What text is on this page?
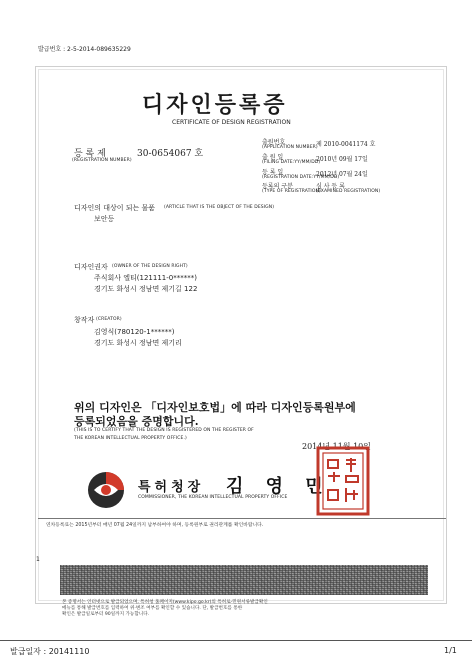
발급번호 : 2-5-2014-089635229
디자인등록증
CERTIFICATE OF DESIGN REGISTRATION
등 록 제	30-0654067 호
(REGISTRATION NUMBER)
출원번호
(APPLICATION NUMBER)
제 2010-0041174 호
출 원 일
(FILING DATE:YY/MM/DD)
2010년 09월 17일
등 록 일
(REGISTRATION DATE:YY/MM/DD)
2012년 07월 24일
등록의 구분
(TYPE OF REGISTRATION)
심 사 등 록
(EXAMINED REGISTRATION)
디자인의 대상이 되는 물품 (ARTICLE THAT IS THE OBJECT OF THE DESIGN)
보안등
디자인권자 (OWNER OF THE DESIGN RIGHT)
주식회사 엘티(121111-0******)
경기도 화성시 정남면 제기길 122
창작자 (CREATOR)
김영식(780120-1******)
경기도 화성시 정남면 제기리
위의 디자인은 「디자인보호법」에 따라 디자인등록원부에
등록되었음을 증명합니다.
(THIS IS TO CERTIFY THAT THE DESIGN IS REGISTERED ON THE REGISTER OF
THE KOREAN INTELLECTUAL PROPERTY OFFICE.)
2014년 11월 10일
특허청장 김 영 민
COMMISSIONER, THE KOREAN INTELLECTUAL PROPERTY OFFICE
연차등록료는 2015년부터 매년 07월 24일까지 납부하여야 하며, 등록원부로 권리관계를 확인바랍니다.
1
본 증명서는 인터넷으로 발급되었으며, 특허청 홈페이지(www.kipo.go.kr)의 특허로-민원서류발급확인
메뉴를 통해 발급번호를 입력하여 위·변조 여부를 확인할 수 있습니다. 단, 발급번호를 통한
확인은 발급일로부터 90일까지 가능합니다.
발급일자 : 20141110	1/1
